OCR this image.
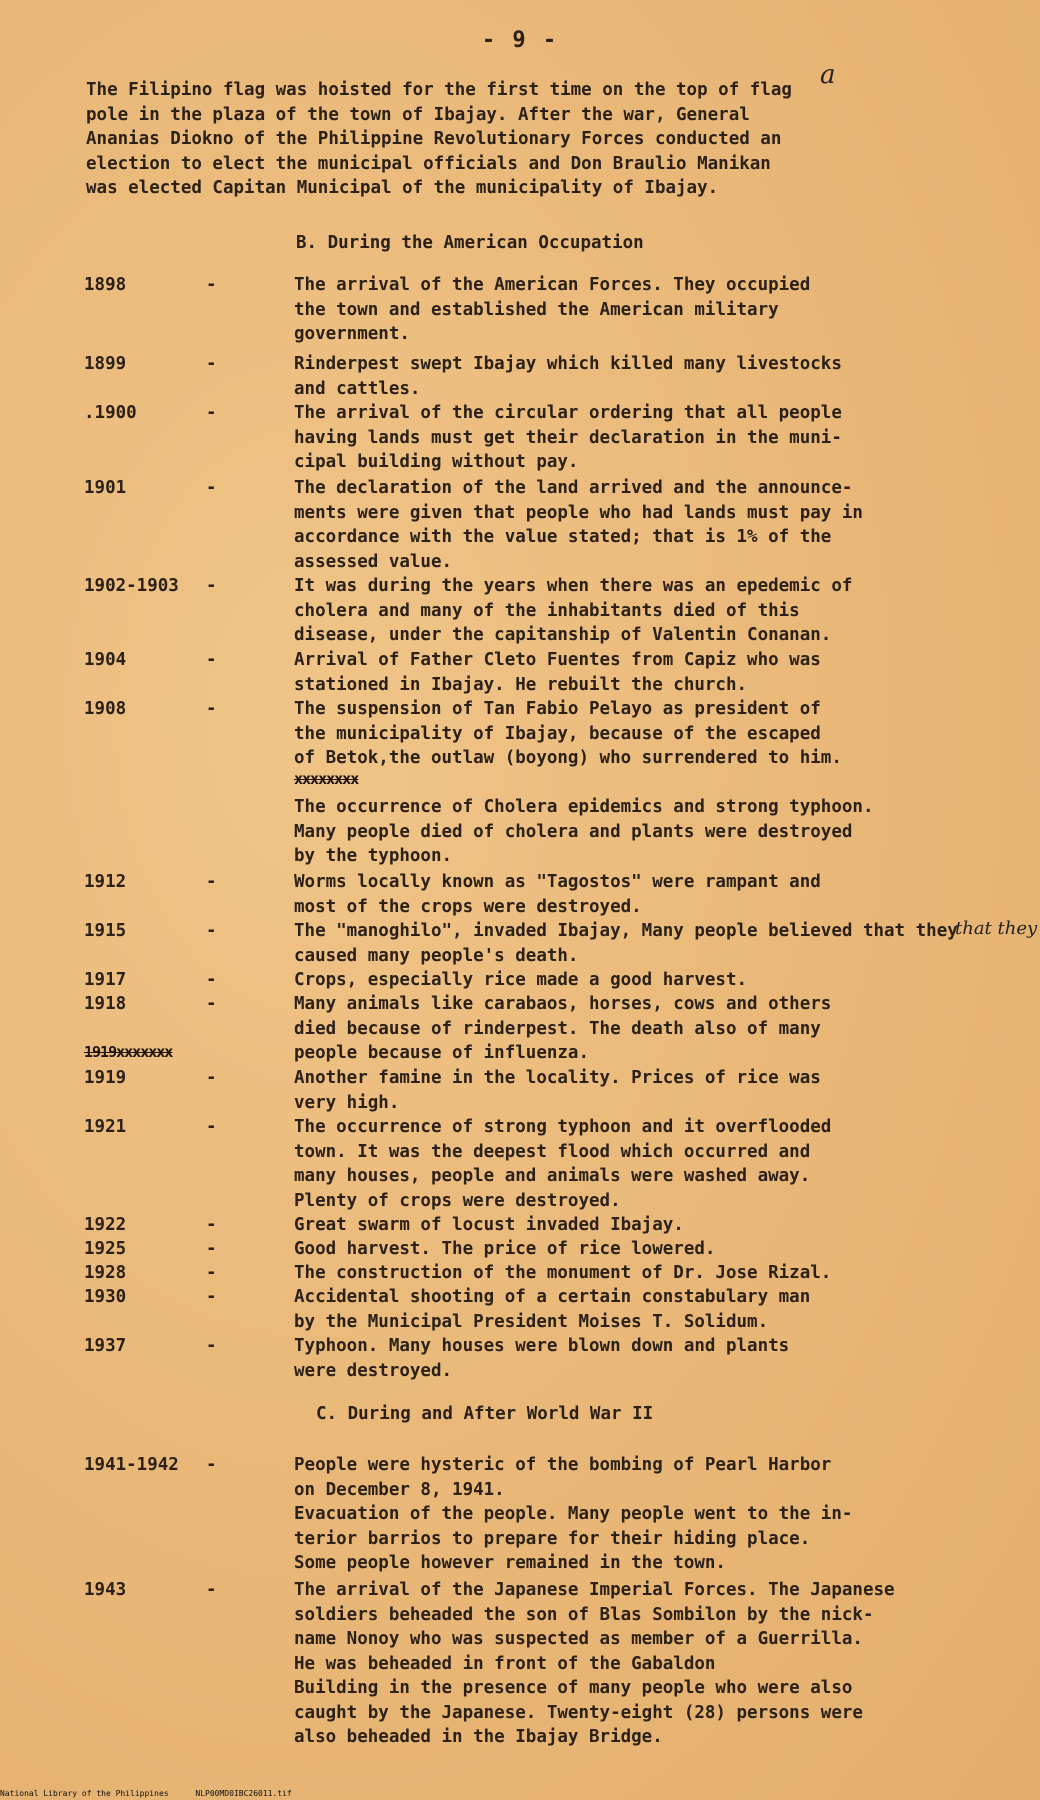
- 9 -
a

The Filipino flag was hoisted for the first time on the top of flag

pole in the plaza of the town of Ibajay. After the war, General

Ananias Diokno of the Philippine Revolutionary Forces conducted an

election to elect the municipal officials and Don Braulio Manikan

was elected Capitan Municipal of the municipality of Ibajay.

B. During the American Occupation
1898	-	The arrival of the American Forces. They occupied
the town and established the American military
government.
1899	-	Rinderpest swept Ibajay which killed many livestocks
and cattles.
.1900	-	The arrival of the circular ordering that all people
having lands must get their declaration in the muni-
cipal building without pay.
1901	-	The declaration of the land arrived and the announce-
ments were given that people who had lands must pay in
accordance with the value stated; that is 1% of the
assessed value.
1902-1903 -	It was during the years when there was an epedemic of
cholera and many of the inhabitants died of this
disease, under the capitanship of Valentin Conanan.
1904	-	Arrival of Father Cleto Fuentes from Capiz who was
stationed in Ibajay. He rebuilt the church.
1908	-	The suspension of Tan Fabio Pelayo as president of
the municipality of Ibajay, because of the escaped
of Betok,the outlaw (boyong) who surrendered to him.

The occurrence of Cholera epidemics and strong typhoon.
Many people died of cholera and plants were destroyed
by the typhoon.
xxxxxxxx
1912	-	Worms locally known as "Tagostos" were rampant and
most of the crops were destroyed.
1915	-	The "manoghilo", invaded Ibajay, Many people believed that they
caused many people's death.
1917	-	Crops, especially rice made a good harvest.
1918	-	Many animals like carabaos, horses, cows and others
died because of rinderpest. The death also of many
people because of influenza.
1919xxxxxxx
1919	-	Another famine in the locality. Prices of rice was
very high.
1921	-	The occurrence of strong typhoon and it overflooded
town. It was the deepest flood which occurred and
many houses, people and animals were washed away.
Plenty of crops were destroyed.
1922	-	Great swarm of locust invaded Ibajay.
1925	-	Good harvest. The price of rice lowered.
1928	-	The construction of the monument of Dr. Jose Rizal.
1930	-	Accidental shooting of a certain constabulary man
by the Municipal President Moises T. Solidum.
1937	-	Typhoon. Many houses were blown down and plants
were destroyed.
that they
C. During and After World War II
1941-1942 -	People were hysteric of the bombing of Pearl Harbor
on December 8, 1941.
Evacuation of the people. Many people went to the in-
terior barrios to prepare for their hiding place.
Some people however remained in the town.
1943	-	The arrival of the Japanese Imperial Forces. The Japanese
soldiers beheaded the son of Blas Sombilon by the nick-
name Nonoy who was suspected as member of a Guerrilla.
He was beheaded in front of the Gabaldon
Building in the presence of many people who were also
caught by the Japanese. Twenty-eight (28) persons were
also beheaded in the Ibajay Bridge.
National Library of the Philippines	NLP00MD0IBC26011.tif
